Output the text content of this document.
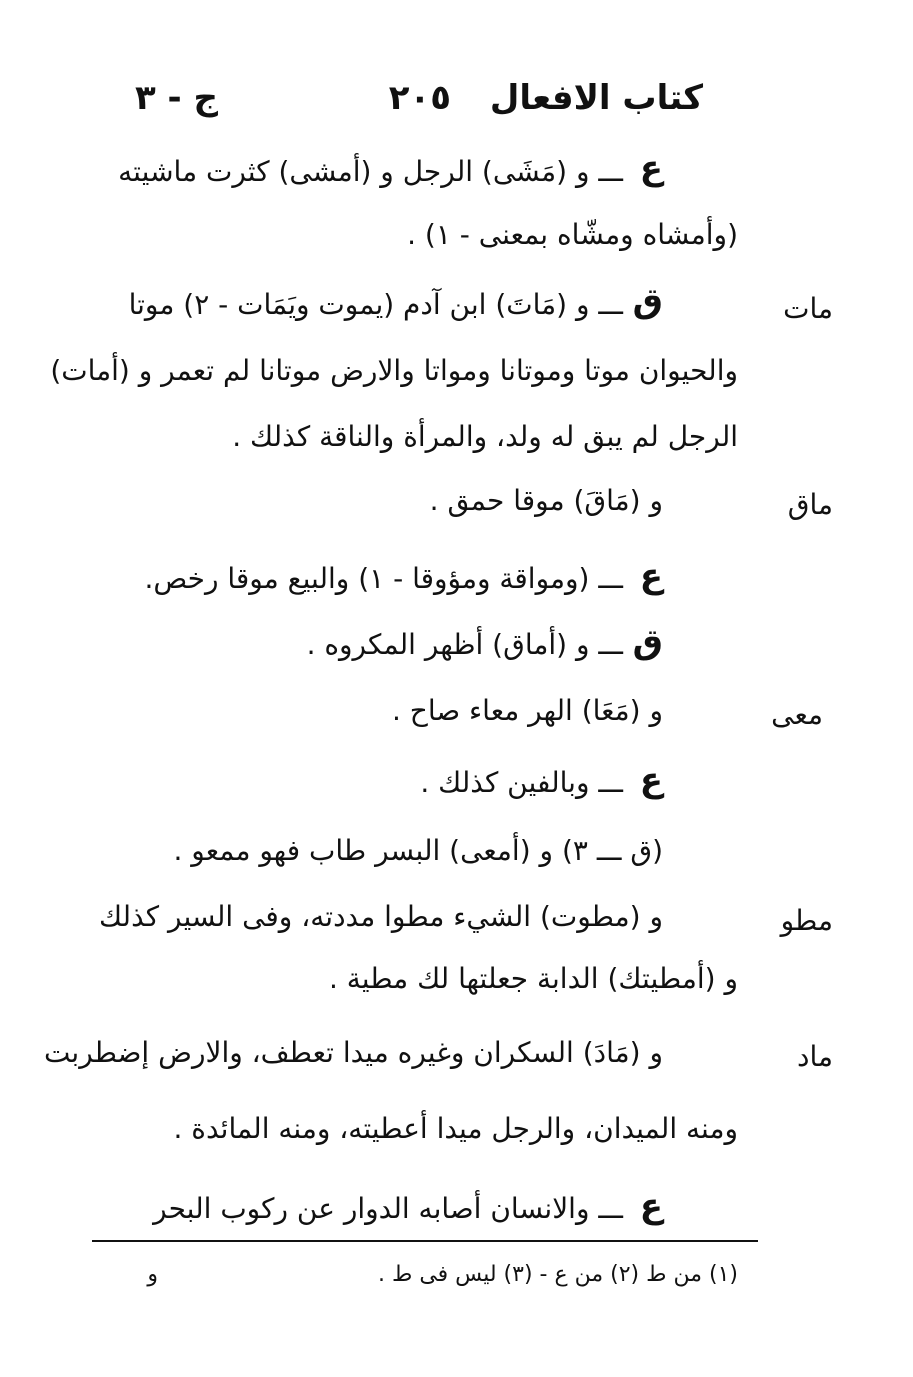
كتاب الافعال
٢٠٥
ج - ٣
ع
ـــ و (مَشَى) الرجل و (أمشى) كثرت ماشيته
(وأمشاه ومشّاه بمعنى - ١) .
مات
ق
ـــ و (مَاتَ) ابن آدم (يموت ويَمَات - ٢) موتا
والحيوان موتا وموتانا ومواتا والارض موتانا لم تعمر و (أمات)
الرجل لم يبق له ولد، والمرأة والناقة كذلك .
ماق
و (مَاقَ) موقا حمق .
ع
ـــ (ومواقة ومؤوقا - ١) والبيع موقا رخص.
ق
ـــ و (أماق) أظهر المكروه .
معى
و (مَعَا) الهر معاء صاح .
ع
ـــ وبالفين كذلك .
(ق ـــ ٣) و (أمعى) البسر طاب فهو ممعو .
مطو
و (مطوت) الشيء مطوا مددته، وفى السير كذلك
و (أمطيتك) الدابة جعلتها لك مطية .
ماد
و (مَادَ) السكران وغيره ميدا تعطف، والارض إضطربت
ومنه الميدان، والرجل ميدا أعطيته، ومنه المائدة .
ع
ـــ والانسان أصابه الدوار عن ركوب البحر
(١) من ط (٢) من ع - (٣) ليس فى ط .
و
